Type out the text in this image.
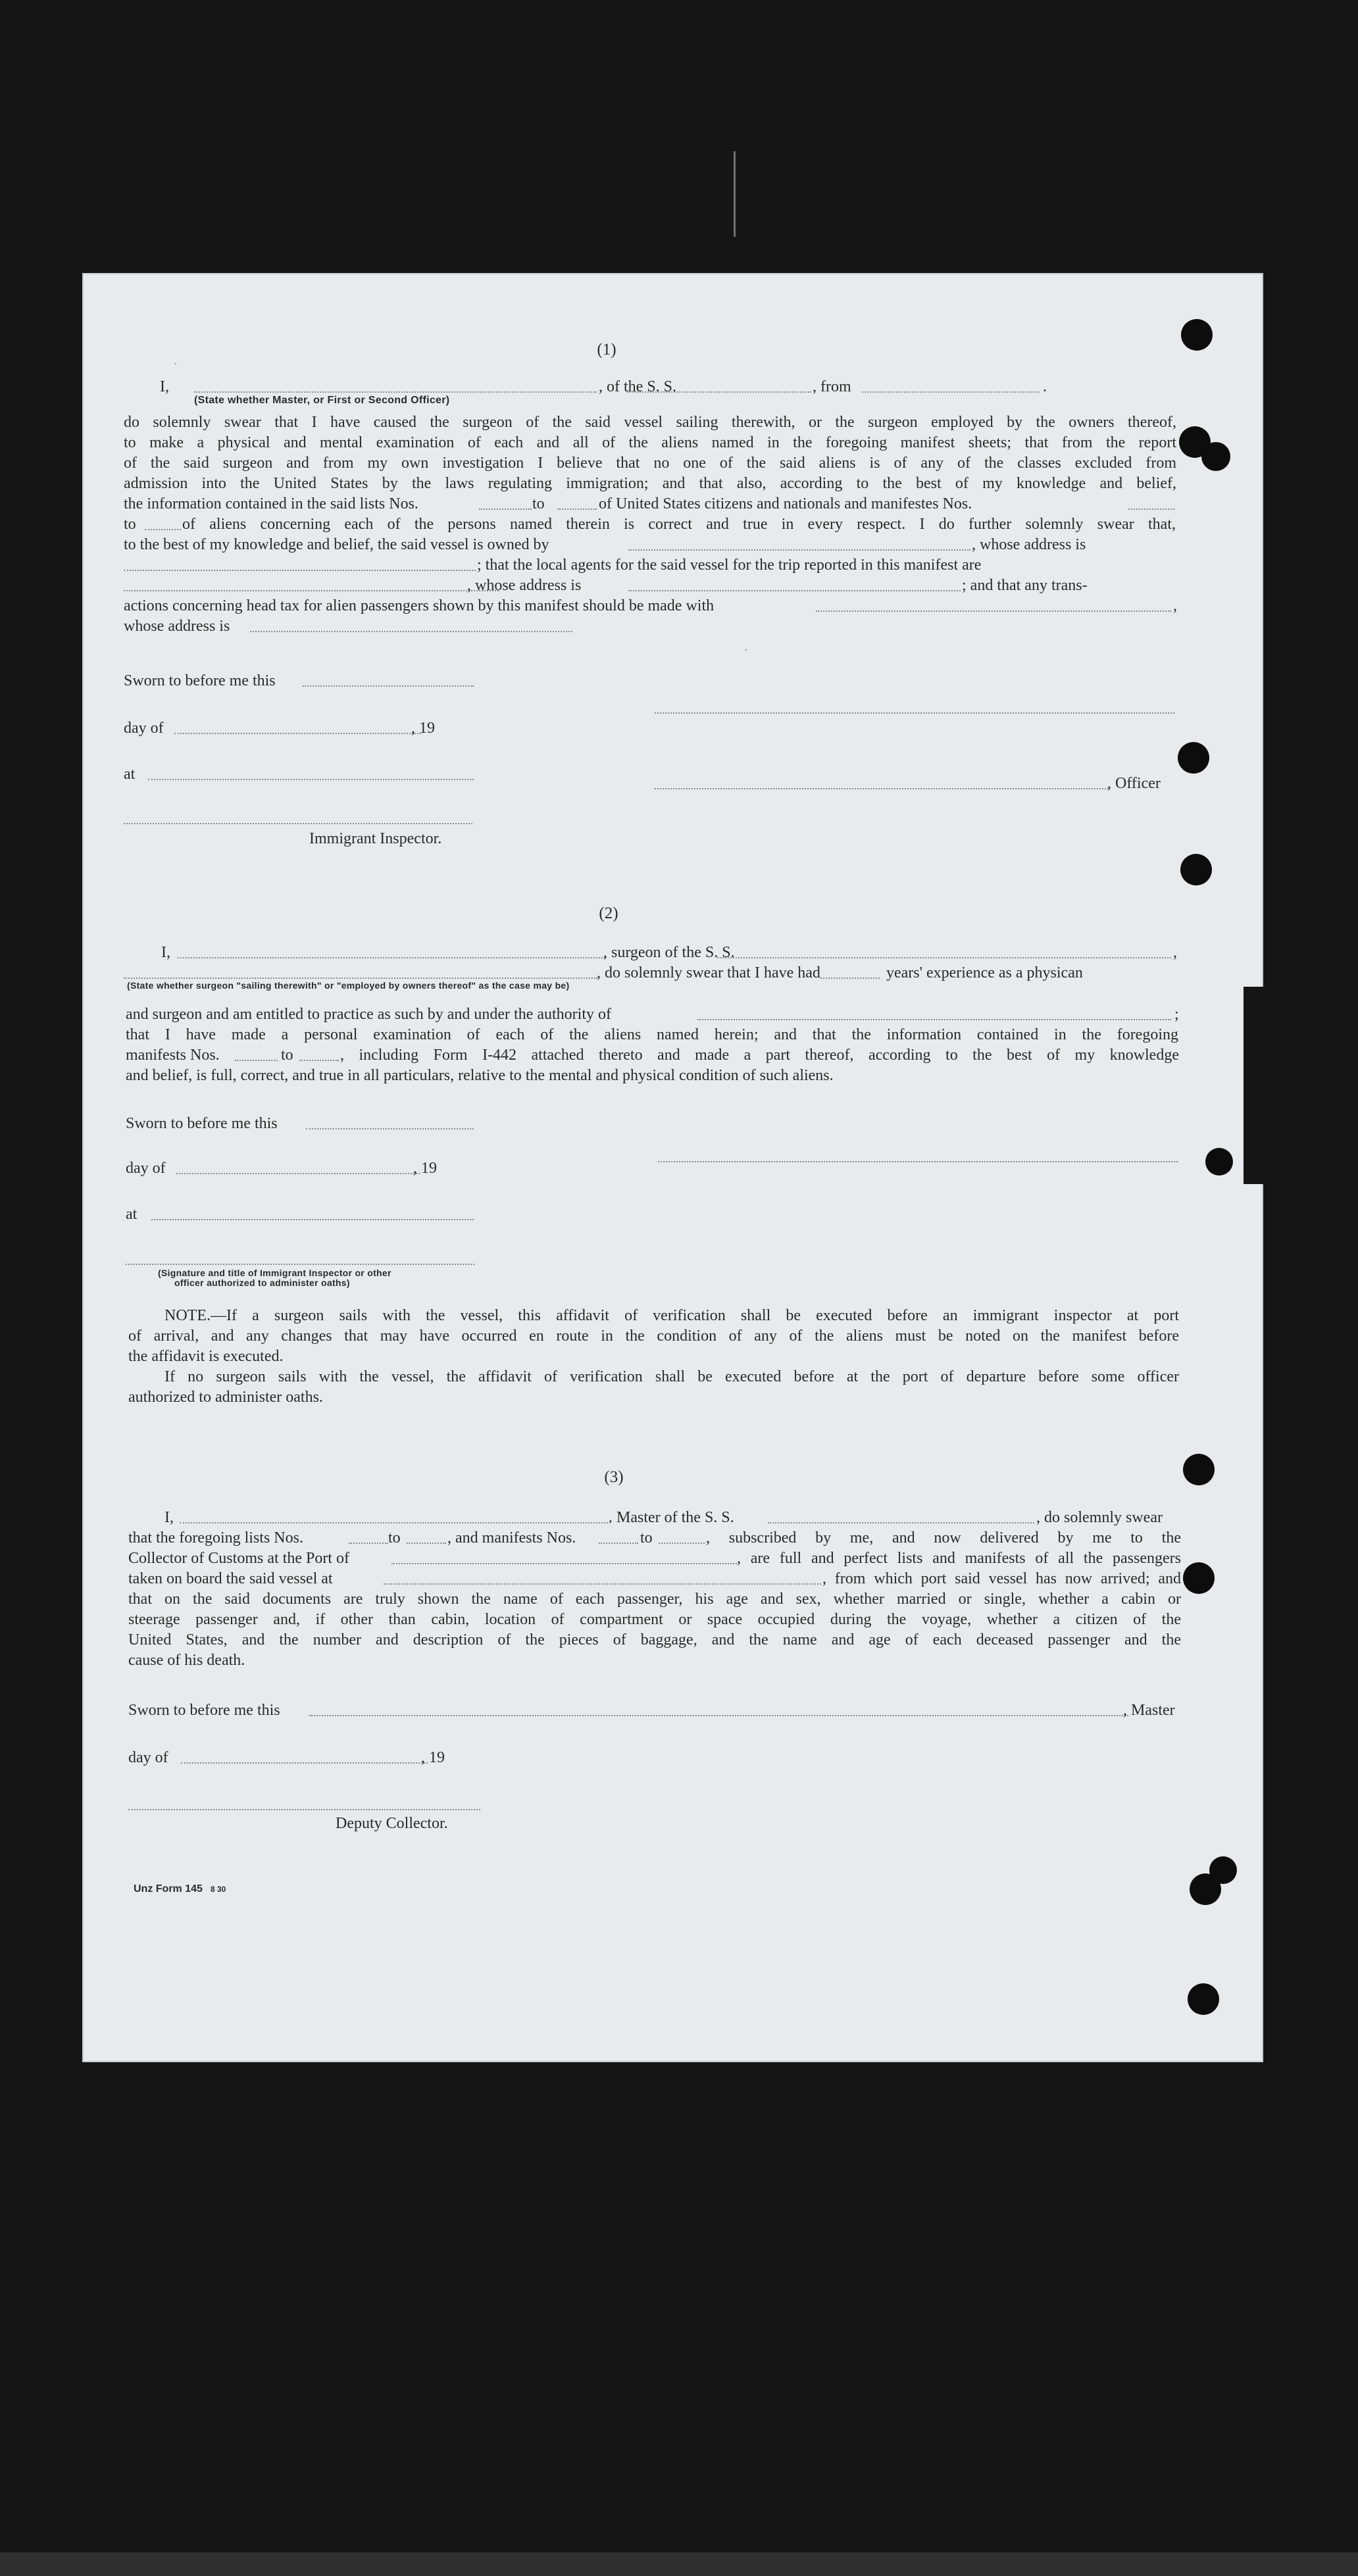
(1)
I,	, of the S. S.	, from	.
(State whether Master, or First or Second Officer)

do solemnly swear that I have caused the surgeon of the said vessel sailing therewith, or the surgeon employed by the owners thereof,

to make a physical and mental examination of each and all of the aliens named in the foregoing manifest sheets; that from the report

of the said surgeon and from my own investigation I believe that no one of the said aliens is of any of the classes excluded from

admission into the United States by the laws regulating immigration; and that also, according to the best of my knowledge and belief,

the information contained in the said lists Nos.	to	of United States citizens and nationals and manifestes Nos.
to	of aliens concerning each of the persons named therein is correct and true in every respect. I do further solemnly swear that,
to the best of my knowledge and belief, the said vessel is owned by	, whose address is
; that the local agents for the said vessel for the trip reported in this manifest are
, whose address is	; and that any trans-
actions concerning head tax for alien passengers shown by this manifest should be made with	,
whose address is
Sworn to before me this
day of	, 19
at
, Officer
Immigrant Inspector.
(2)
I,	, surgeon of the S. S.	,
, do solemnly swear that I have had	years' experience as a physican
(State whether surgeon "sailing therewith" or "employed by owners thereof" as the case may be)
and surgeon and am entitled to practice as such by and under the authority of	;

that I have made a personal examination of each of the aliens named herein; and that the information contained in the foregoing

manifests Nos.	to	, including Form I-442 attached thereto and made a part thereof, according to the best of my knowledge
and belief, is full, correct, and true in all particulars, relative to the mental and physical condition of such aliens.
Sworn to before me this
day of	, 19
at
(Signature and title of Immigrant Inspector or other
officer authorized to administer oaths)

NOTE.—If a surgeon sails with the vessel, this affidavit of verification shall be executed before an immigrant inspector at port

of arrival, and any changes that may have occurred en route in the condition of any of the aliens must be noted on the manifest before

the affidavit is executed.

If no surgeon sails with the vessel, the affidavit of verification shall be executed before at the port of departure before some officer

authorized to administer oaths.
(3)
I,	. Master of the S. S.	, do solemnly swear
that the foregoing lists Nos.	to	, and manifests Nos.	to	, subscribed by me, and now delivered by me to the
Collector of Customs at the Port of	, are full and perfect lists and manifests of all the passengers
taken on board the said vessel at	, from which port said vessel has now arrived; and

that on the said documents are truly shown the name of each passenger, his age and sex, whether married or single, whether a cabin or

steerage passenger and, if other than cabin, location of compartment or space occupied during the voyage, whether a citizen of the

United States, and the number and description of the pieces of baggage, and the name and age of each deceased passenger and the

cause of his death.
Sworn to before me this	, Master
day of	, 19
Deputy Collector.
Unz Form 145 8 30
·
·
